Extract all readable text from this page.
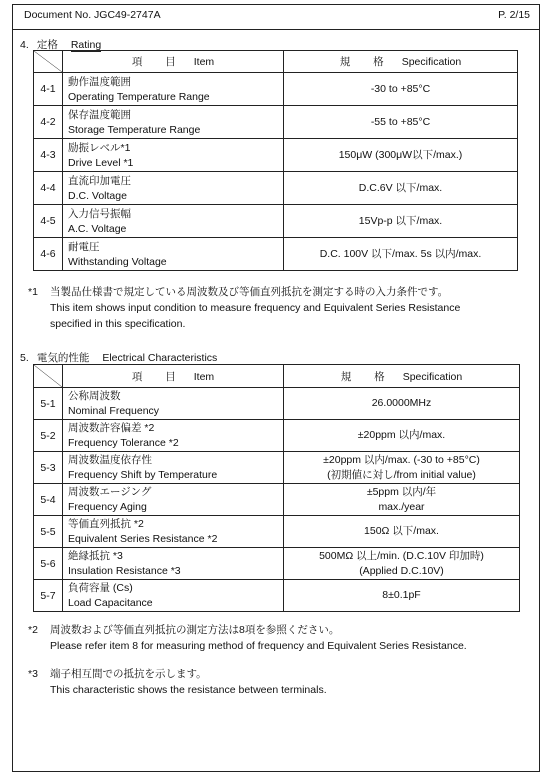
Document No. JGC49-2747A	P. 2/15
4. 定格 Rating
	項 目 Item	規 格 Specification
4-1	動作温度範囲
Operating Temperature Range	-30 to +85°C

4-2	保存温度範囲
Storage Temperature Range	-55 to +85°C

4-3	励振レベル*1
Drive Level *1	150μW (300μW以下/max.)

4-4	直流印加電圧
D.C. Voltage	D.C.6V 以下/max.

4-5	入力信号振幅
A.C. Voltage	15Vp-p 以下/max.

4-6	耐電圧
Withstanding Voltage	D.C. 100V 以下/max. 5s 以内/max.
*1 当製品仕様書で規定している周波数及び等価直列抵抗を測定する時の入力条件です。
This item shows input condition to measure frequency and Equivalent Series Resistance
specified in this specification.
5. 電気的性能 Electrical Characteristics
	項 目 Item	規 格 Specification
5-1	公称周波数
Nominal Frequency	26.0000MHz

5-2	周波数許容偏差 *2
Frequency Tolerance *2	±20ppm 以内/max.

5-3	周波数温度依存性
Frequency Shift by Temperature	±20ppm 以内/max. (-30 to +85°C)
(初期値に対し/from initial value)

5-4	周波数エージング
Frequency Aging	±5ppm 以内/年
max./year

5-5	等価直列抵抗 *2
Equivalent Series Resistance *2	150Ω 以下/max.

5-6	絶縁抵抗 *3
Insulation Resistance *3	500MΩ 以上/min. (D.C.10V 印加時)
(Applied D.C.10V)

5-7	負荷容量 (Cs)
Load Capacitance	8±0.1pF
*2 周波数および等価直列抵抗の測定方法は8項を参照ください。
Please refer item 8 for measuring method of frequency and Equivalent Series Resistance.
*3 端子相互間での抵抗を示します。
This characteristic shows the resistance between terminals.
